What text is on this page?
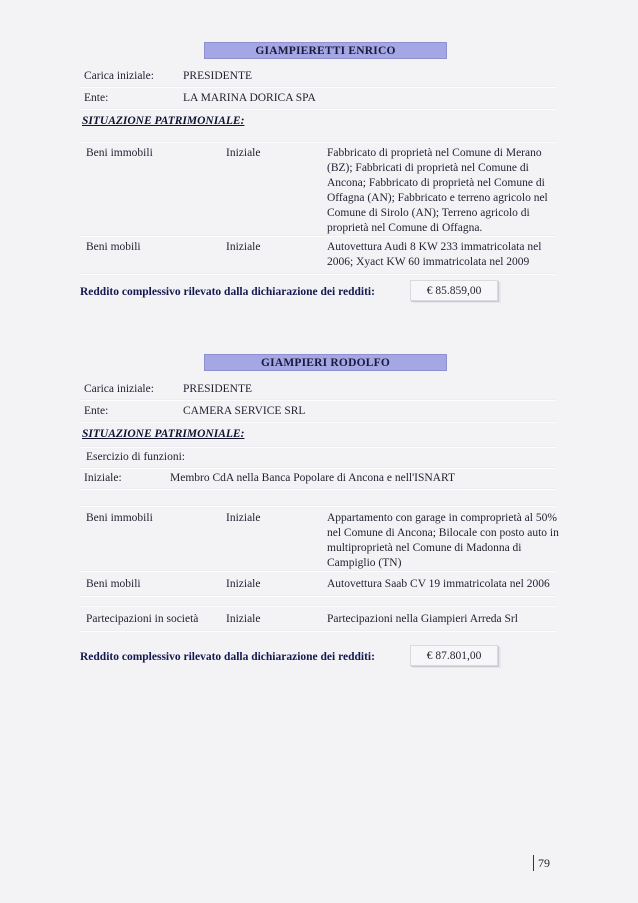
GIAMPIERETTI ENRICO
Carica iniziale:	PRESIDENTE
Ente:	LA MARINA DORICA SPA
SITUAZIONE PATRIMONIALE:
Beni immobili	Iniziale	Fabbricato di proprietà nel Comune di Merano (BZ); Fabbricati di proprietà nel Comune di Ancona; Fabbricato di proprietà nel Comune di Offagna (AN); Fabbricato e terreno agricolo nel Comune di Sirolo (AN); Terreno agricolo di proprietà nel Comune di Offagna.
Beni mobili	Iniziale	Autovettura Audi 8 KW 233 immatricolata nel 2006; Xyact KW 60 immatricolata nel 2009
Reddito complessivo rilevato dalla dichiarazione dei redditi:	€ 85.859,00
GIAMPIERI RODOLFO
Carica iniziale:	PRESIDENTE
Ente:	CAMERA SERVICE SRL
SITUAZIONE PATRIMONIALE:
Esercizio di funzioni:
Iniziale:	Membro CdA nella Banca Popolare di Ancona e nell'ISNART
Beni immobili	Iniziale	Appartamento con garage in comproprietà al 50% nel Comune di Ancona; Bilocale con posto auto in multiproprietà nel Comune di Madonna di Campiglio (TN)
Beni mobili	Iniziale	Autovettura Saab CV 19 immatricolata nel 2006
Partecipazioni in società Iniziale	Partecipazioni nella Giampieri Arreda Srl
Reddito complessivo rilevato dalla dichiarazione dei redditi:	€ 87.801,00
79
